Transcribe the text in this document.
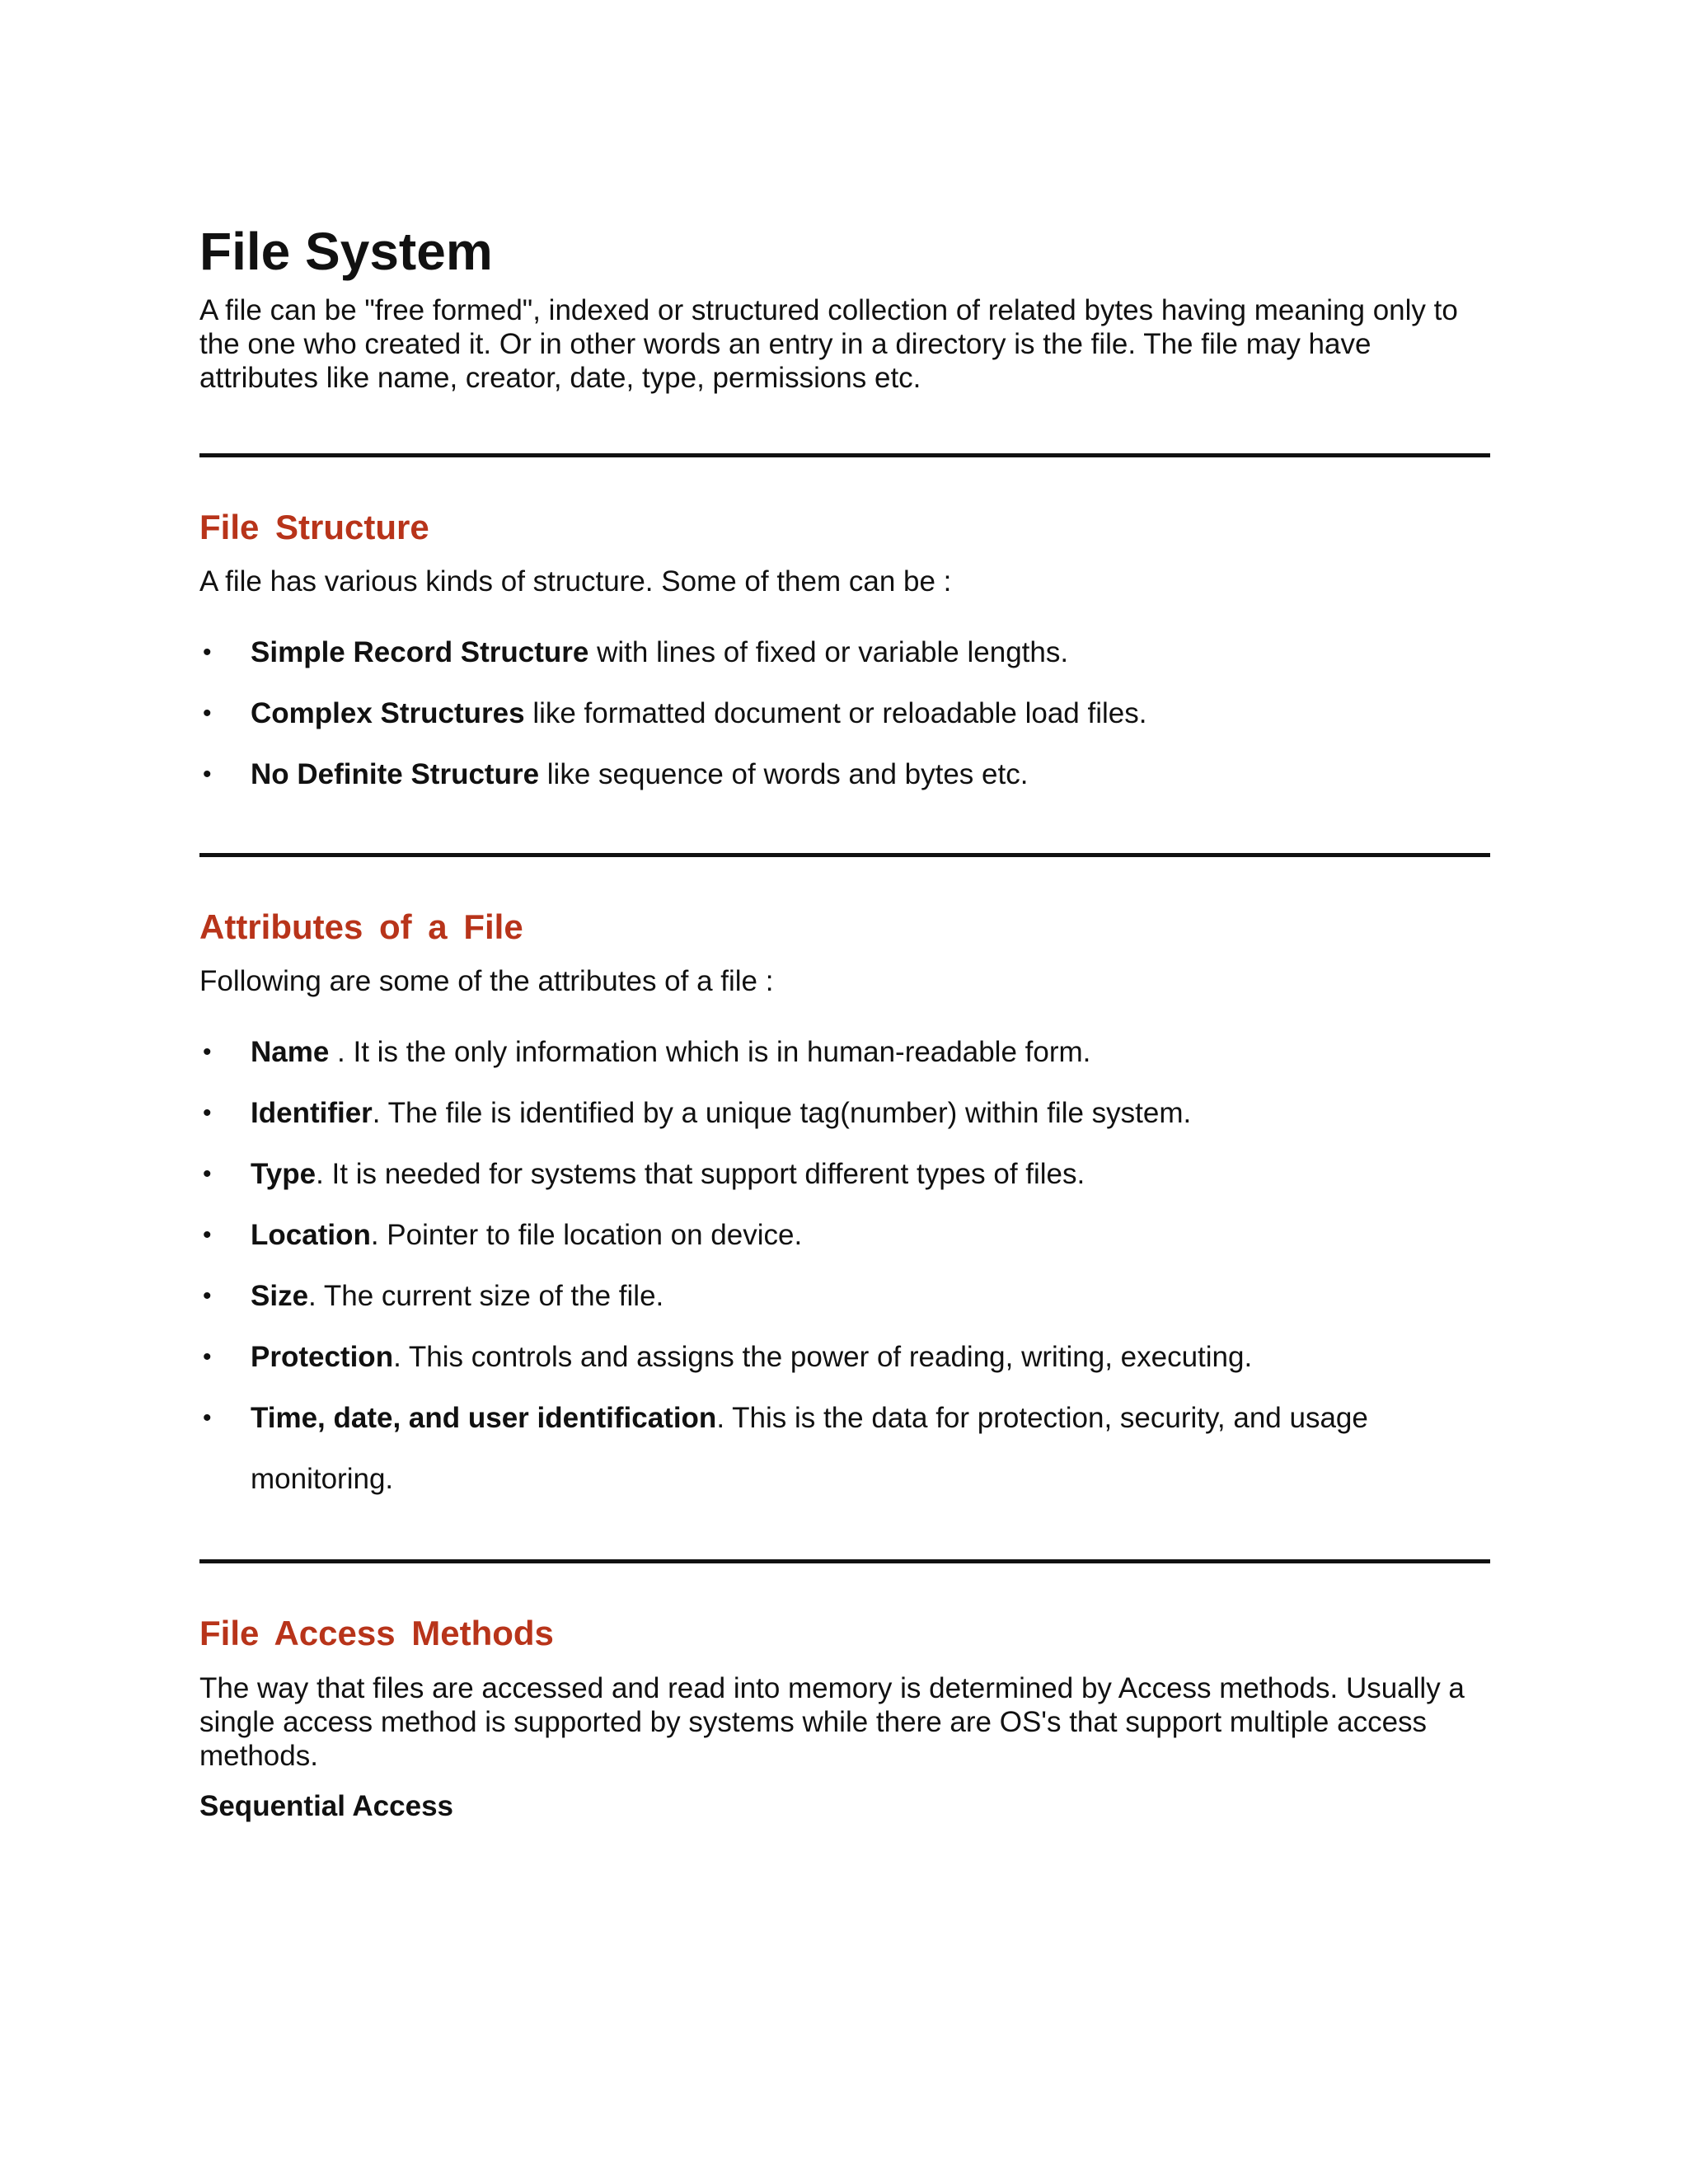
File System

A file can be "free formed", indexed or structured collection of related bytes having meaning only to the one who created it. Or in other words an entry in a directory is the file. The file may have attributes like name, creator, date, type, permissions etc.

File Structure

A file has various kinds of structure. Some of them can be :

• Simple Record Structure with lines of fixed or variable lengths.
• Complex Structures like formatted document or reloadable load files.
• No Definite Structure like sequence of words and bytes etc.
Attributes of a File

Following are some of the attributes of a file :

• Name . It is the only information which is in human-readable form.
• Identifier. The file is identified by a unique tag(number) within file system.
• Type. It is needed for systems that support different types of files.
• Location. Pointer to file location on device.
• Size. The current size of the file.
• Protection. This controls and assigns the power of reading, writing, executing.
• Time, date, and user identification. This is the data for protection, security, and usage monitoring.
File Access Methods

The way that files are accessed and read into memory is determined by Access methods. Usually a single access method is supported by systems while there are OS's that support multiple access methods.

Sequential Access
